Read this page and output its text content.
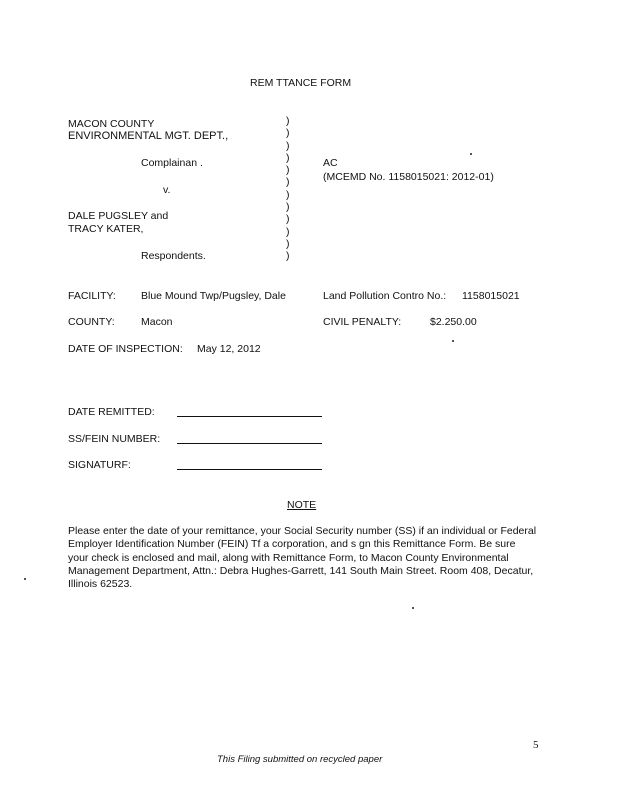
REM TTANCE FORM
MACON COUNTY
ENVIRONMENTAL MGT. DEPT.,
Complainan .
v.
DALE PUGSLEY and
TRACY KATER,
Respondents.
)
)
)
)
)
)
)
)
)
)
)
)
AC
(MCEMD No. 1158015021: 2012-01)
FACILITY: Blue Mound Twp/Pugsley, Dale	Land Pollution Contro No.: 1158015021
COUNTY:	Macon	CIVIL PENALTY:	$2.250.00
DATE OF INSPECTION: May 12, 2012
DATE REMITTED:
SS/FEIN NUMBER:
SIGNATURF:
NOTE
Please enter the date of your remittance, your Social Security number (SS) if an individual or Federal Employer Identification Number (FEIN) Tf a corporation, and s gn this Remittance Form. Be sure your check is enclosed and mail, along with Remittance Form, to Macon County Environmental Management Department, Attn.: Debra Hughes-Garrett, 141 South Main Street. Room 408, Decatur, Illinois 62523.
5
This Filing submitted on recycled paper
